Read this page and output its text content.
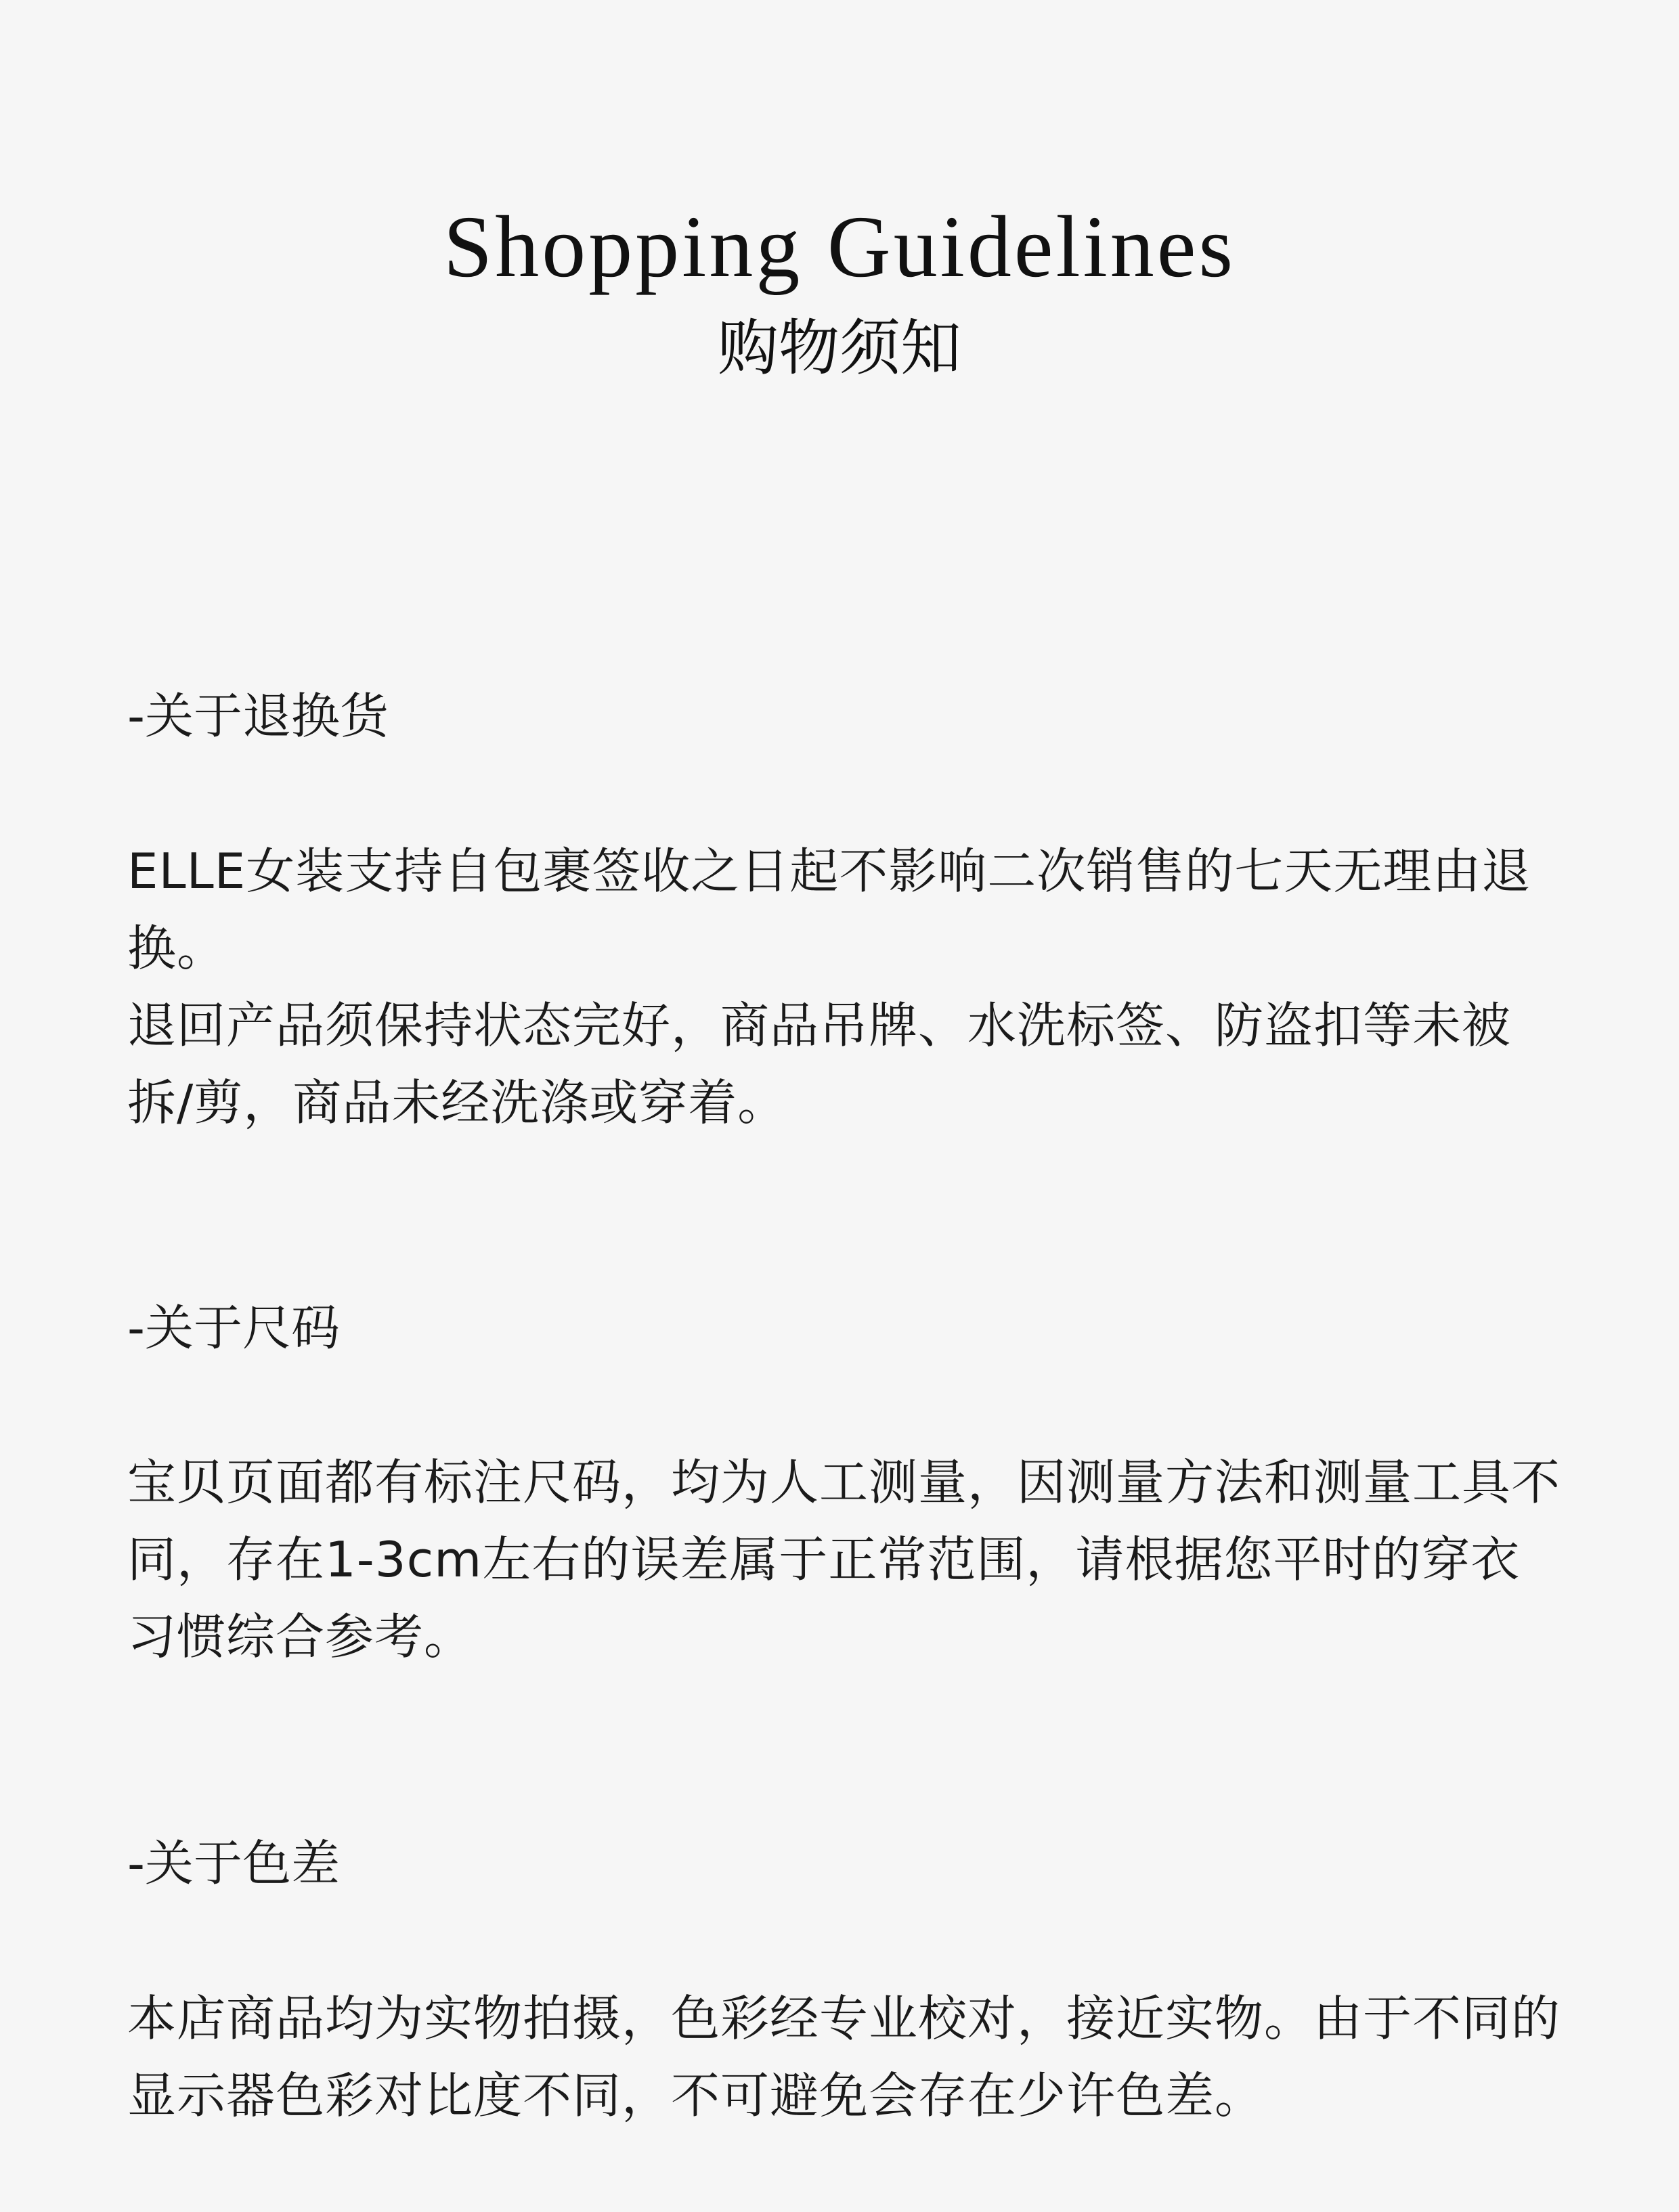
Shopping Guidelines
购物须知
-关于退换货

ELLE女装支持自包裹签收之日起不影响二次销售的七天无理由退换。

退回产品须保持状态完好，商品吊牌、水洗标签、防盗扣等未被拆/剪，商品未经洗涤或穿着。

-关于尺码

宝贝页面都有标注尺码，均为人工测量，因测量方法和测量工具不同，存在1-3cm左右的误差属于正常范围，请根据您平时的穿衣习惯综合参考。

-关于色差

本店商品均为实物拍摄，色彩经专业校对，接近实物。由于不同的显示器色彩对比度不同，不可避免会存在少许色差。
